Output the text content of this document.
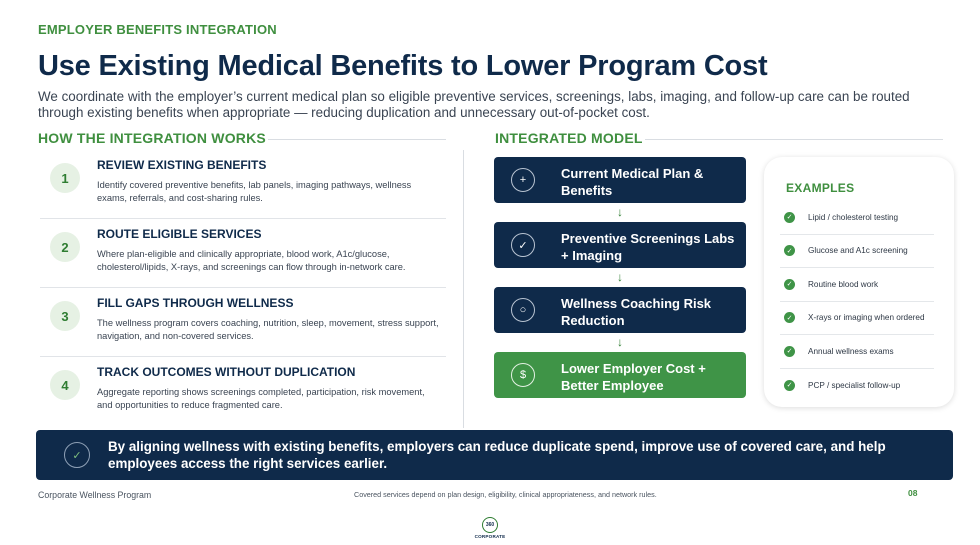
EMPLOYER BENEFITS INTEGRATION
Use Existing Medical Benefits to Lower Program Cost
We coordinate with the employer’s current medical plan so eligible preventive services, screenings, labs, imaging, and follow-up care can be routed through existing benefits when appropriate — reducing duplication and unnecessary out-of-pocket cost.
HOW THE INTEGRATION WORKS	INTEGRATED MODEL
1
REVIEW EXISTING BENEFITS
Identify covered preventive benefits, lab panels, imaging pathways, wellness exams, referrals, and cost-sharing rules.
2
ROUTE ELIGIBLE SERVICES
Where plan-eligible and clinically appropriate, blood work, A1c/glucose, cholesterol/lipids, X-rays, and screenings can flow through in-network care.
3
FILL GAPS THROUGH WELLNESS
The wellness program covers coaching, nutrition, sleep, movement, stress support, navigation, and non-covered services.
4
TRACK OUTCOMES WITHOUT DUPLICATION
Aggregate reporting shows screenings completed, participation, risk movement, and opportunities to reduce fragmented care.
+	Current Medical Plan & Benefits
↓
✓	Preventive Screenings Labs + Imaging
↓
○	Wellness Coaching Risk Reduction
↓
$	Lower Employer Cost + Better Employee
EXAMPLES
✓	Lipid / cholesterol testing
✓	Glucose and A1c screening
✓	Routine blood work
✓	X-rays or imaging when ordered
✓	Annual wellness exams
✓	PCP / specialist follow-up
✓
By aligning wellness with existing benefits, employers can reduce duplicate spend, improve use of covered care, and help employees access the right services earlier.
Corporate Wellness Program	Covered services depend on plan design, eligibility, clinical appropriateness, and network rules.	08
360
CORPORATE
